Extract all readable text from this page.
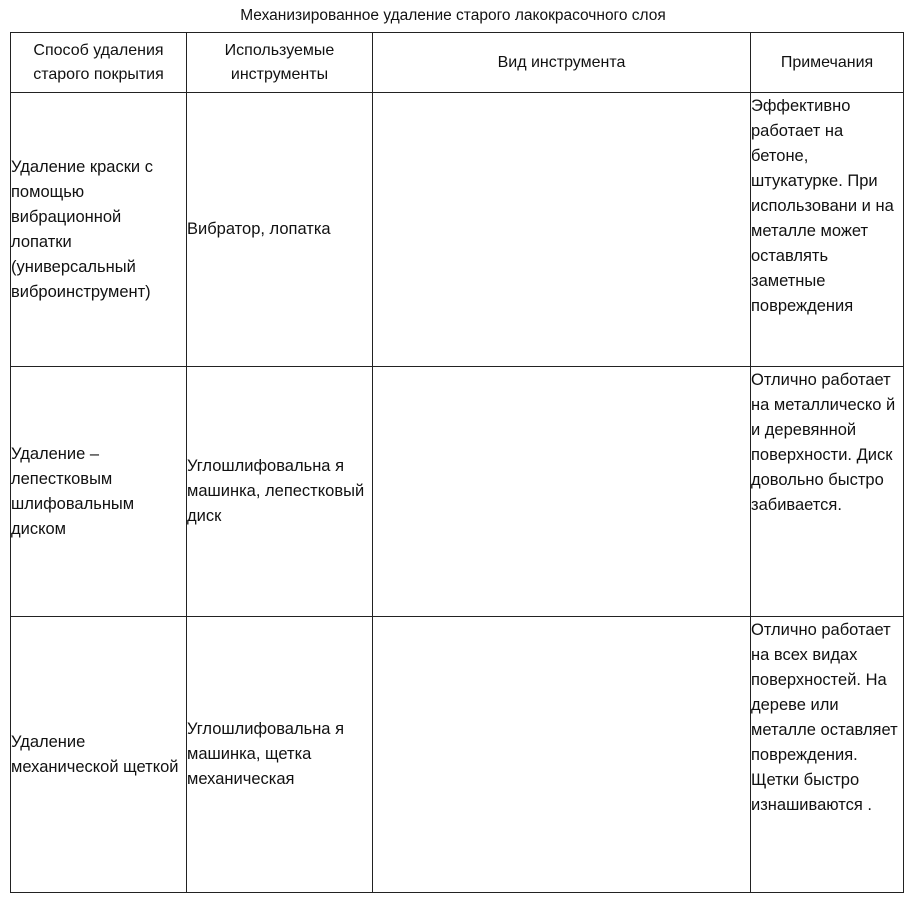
Механизированное удаление старого лакокрасочного слоя
Способ удаления старого покрытия	Используемые инструменты	Вид инструмента	Примечания
Удаление краски с помощью вибрационной лопатки (универсальный виброинструмент)	Вибратор, лопатка		Эффективно работает на бетоне, штукатурке. При использовани и на металле может оставлять заметные повреждения

Удаление – лепестковым шлифовальным диском	Углошлифовальна я машинка, лепестковый диск		Отлично работает на металлическо й и деревянной поверхности. Диск довольно быстро забивается.

Удаление механической щеткой	Углошлифовальна я машинка, щетка механическая		Отлично работает на всех видах поверхностей. На дереве или металле оставляет повреждения. Щетки быстро изнашиваются .
